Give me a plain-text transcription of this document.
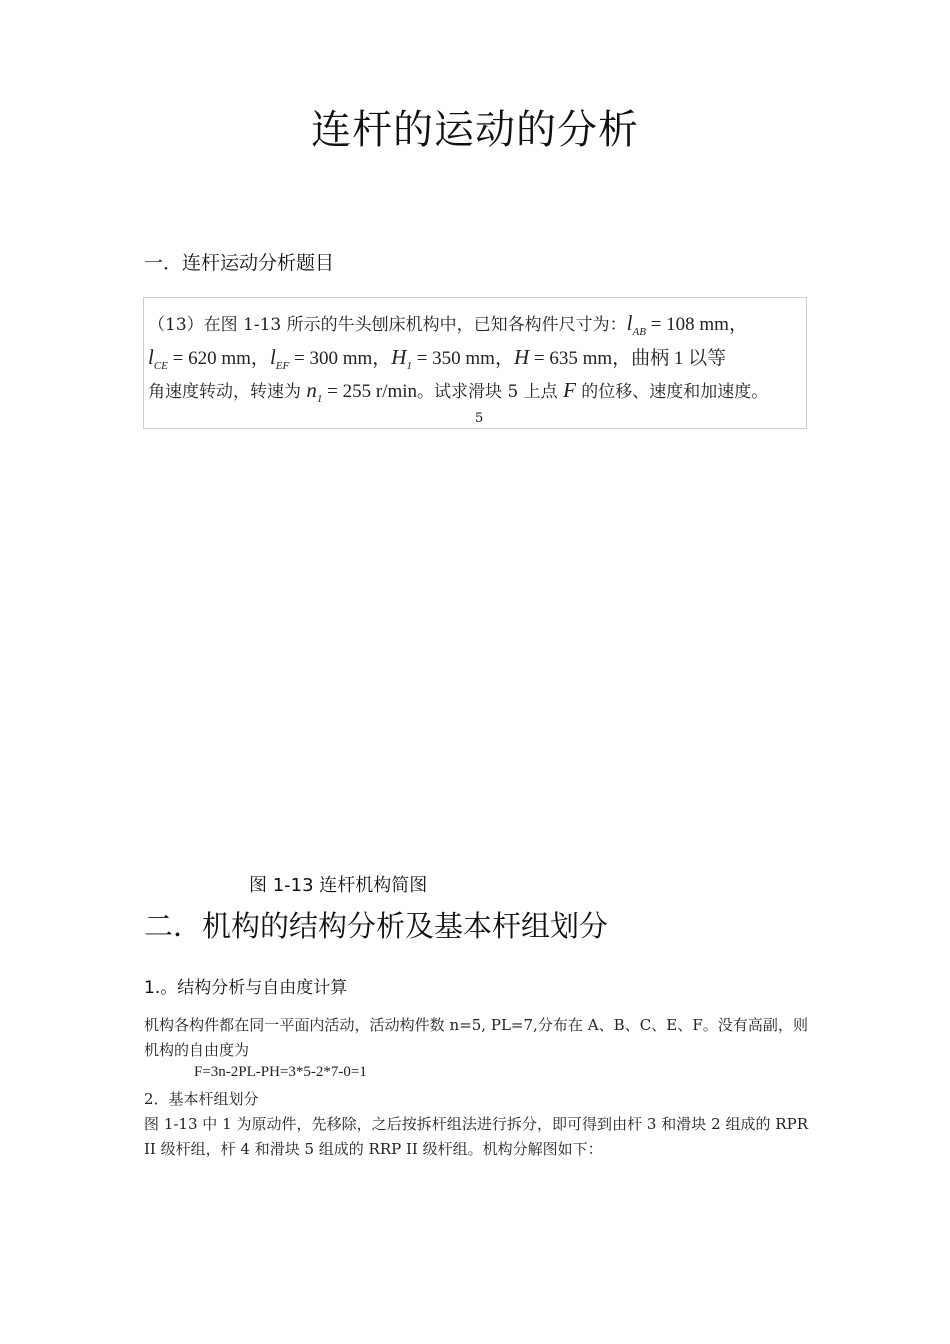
连杆的运动的分析
一．连杆运动分析题目
（13）在图 1-13 所示的牛头刨床机构中，已知各构件尺寸为：$l_{AB} = 108$ mm，
$l_{CE} = 620$ mm，$l_{EF} = 300$ mm，$H_1 = 350$ mm，H = 635 mm，曲柄 1 以等
角速度转动，转速为 $n_1 = 255$ r/min。试求滑块 5 上点 F 的位移、速度和加速度。
5
图 1-13 连杆机构简图
二．机构的结构分析及基本杆组划分
1.。结构分析与自由度计算
机构各构件都在同一平面内活动，活动构件数 n=5, PL=7,分布在 A、B、C、E、F。没有高副，则机构的自由度为
F=3n-2PL-PH=3*5-2*7-0=1
2．基本杆组划分
图 1-13 中 1 为原动件，先移除，之后按拆杆组法进行拆分，即可得到由杆 3 和滑块 2 组成的 RPR II 级杆组，杆 4 和滑块 5 组成的 RRP II 级杆组。机构分解图如下：
